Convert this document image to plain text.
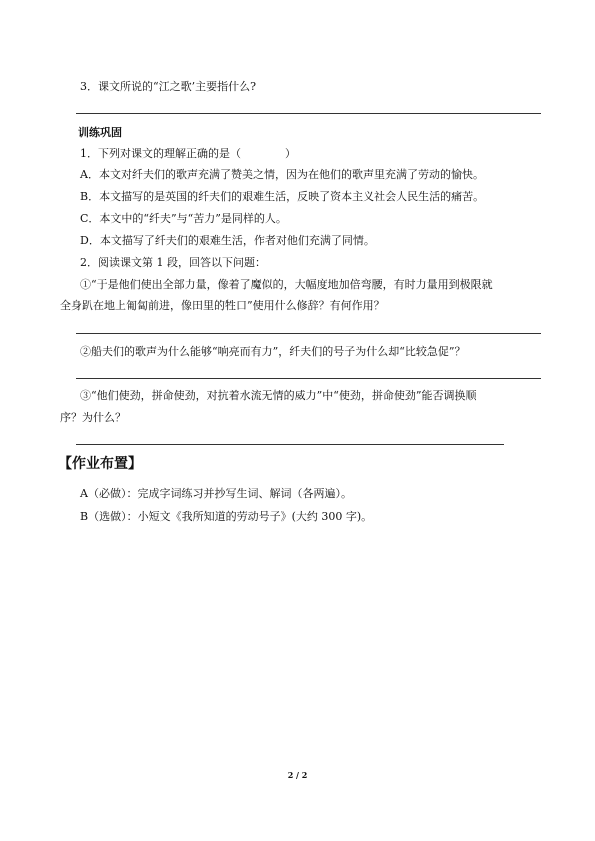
3．课文所说的“江之歌’主要指什么?
训练巩固
1．下列对课文的理解正确的是（　　　　）
A．本文对纤夫们的歌声充满了赞美之情，因为在他们的歌声里充满了劳动的愉快。
B．本文描写的是英国的纤夫们的艰难生活，反映了资本主义社会人民生活的痛苦。
C．本文中的“纤夫”与“苦力”是同样的人。
D．本文描写了纤夫们的艰难生活，作者对他们充满了同情。
2．阅读课文第 1 段，回答以下问题：
①“于是他们使出全部力量，像着了魔似的，大幅度地加倍弯腰，有时力量用到极限就
全身趴在地上匍匐前进，像田里的牲口”使用什么修辞？有何作用？
②船夫们的歌声为什么能够“响亮而有力”，纤夫们的号子为什么却“比较急促”？
③“他们使劲，拼命使劲，对抗着水流无情的威力”中“使劲，拼命使劲”能否调换顺
序？为什么？
【作业布置】
A（必做）：完成字词练习并抄写生词、解词（各两遍）。
B（选做）：小短文《我所知道的劳动号子》(大约 300 字)。
2 / 2
